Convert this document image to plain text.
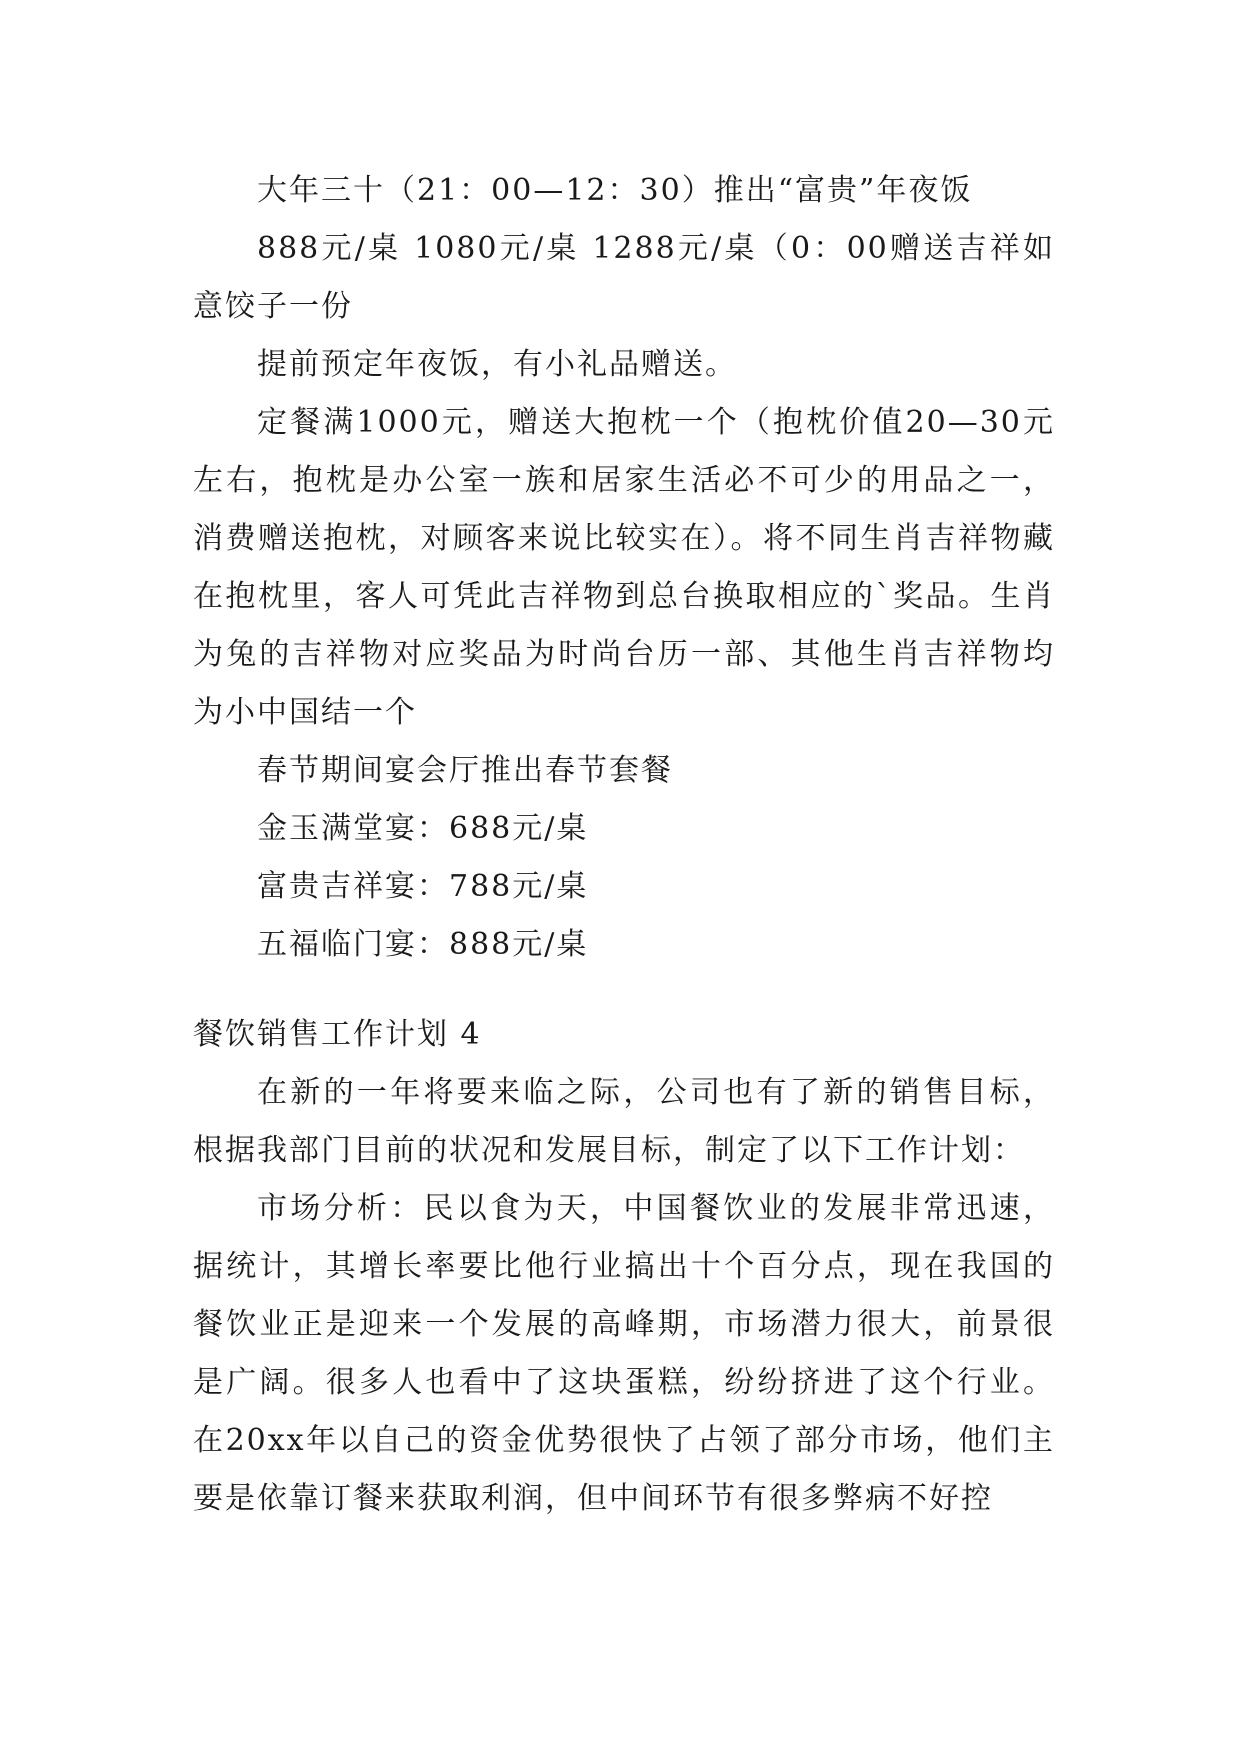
大年三十（21：00—12：30）推出“富贵”年夜饭

888元/桌 1080元/桌 1288元/桌（0：00赠送吉祥如意饺子一份

提前预定年夜饭，有小礼品赠送。

定餐满1000元，赠送大抱枕一个（抱枕价值20—30元左右，抱枕是办公室一族和居家生活必不可少的用品之一，消费赠送抱枕，对顾客来说比较实在）。将不同生肖吉祥物藏在抱枕里，客人可凭此吉祥物到总台换取相应的`奖品。生肖为兔的吉祥物对应奖品为时尚台历一部、其他生肖吉祥物均为小中国结一个

春节期间宴会厅推出春节套餐

金玉满堂宴：688元/桌

富贵吉祥宴：788元/桌

五福临门宴：888元/桌

餐饮销售工作计划 4

在新的一年将要来临之际，公司也有了新的销售目标，根据我部门目前的状况和发展目标，制定了以下工作计划：

市场分析：民以食为天，中国餐饮业的发展非常迅速，据统计，其增长率要比他行业搞出十个百分点，现在我国的餐饮业正是迎来一个发展的高峰期，市场潜力很大，前景很是广阔。很多人也看中了这块蛋糕，纷纷挤进了这个行业。在20xx年以自己的资金优势很快了占领了部分市场，他们主要是依靠订餐来获取利润，但中间环节有很多弊病不好控
